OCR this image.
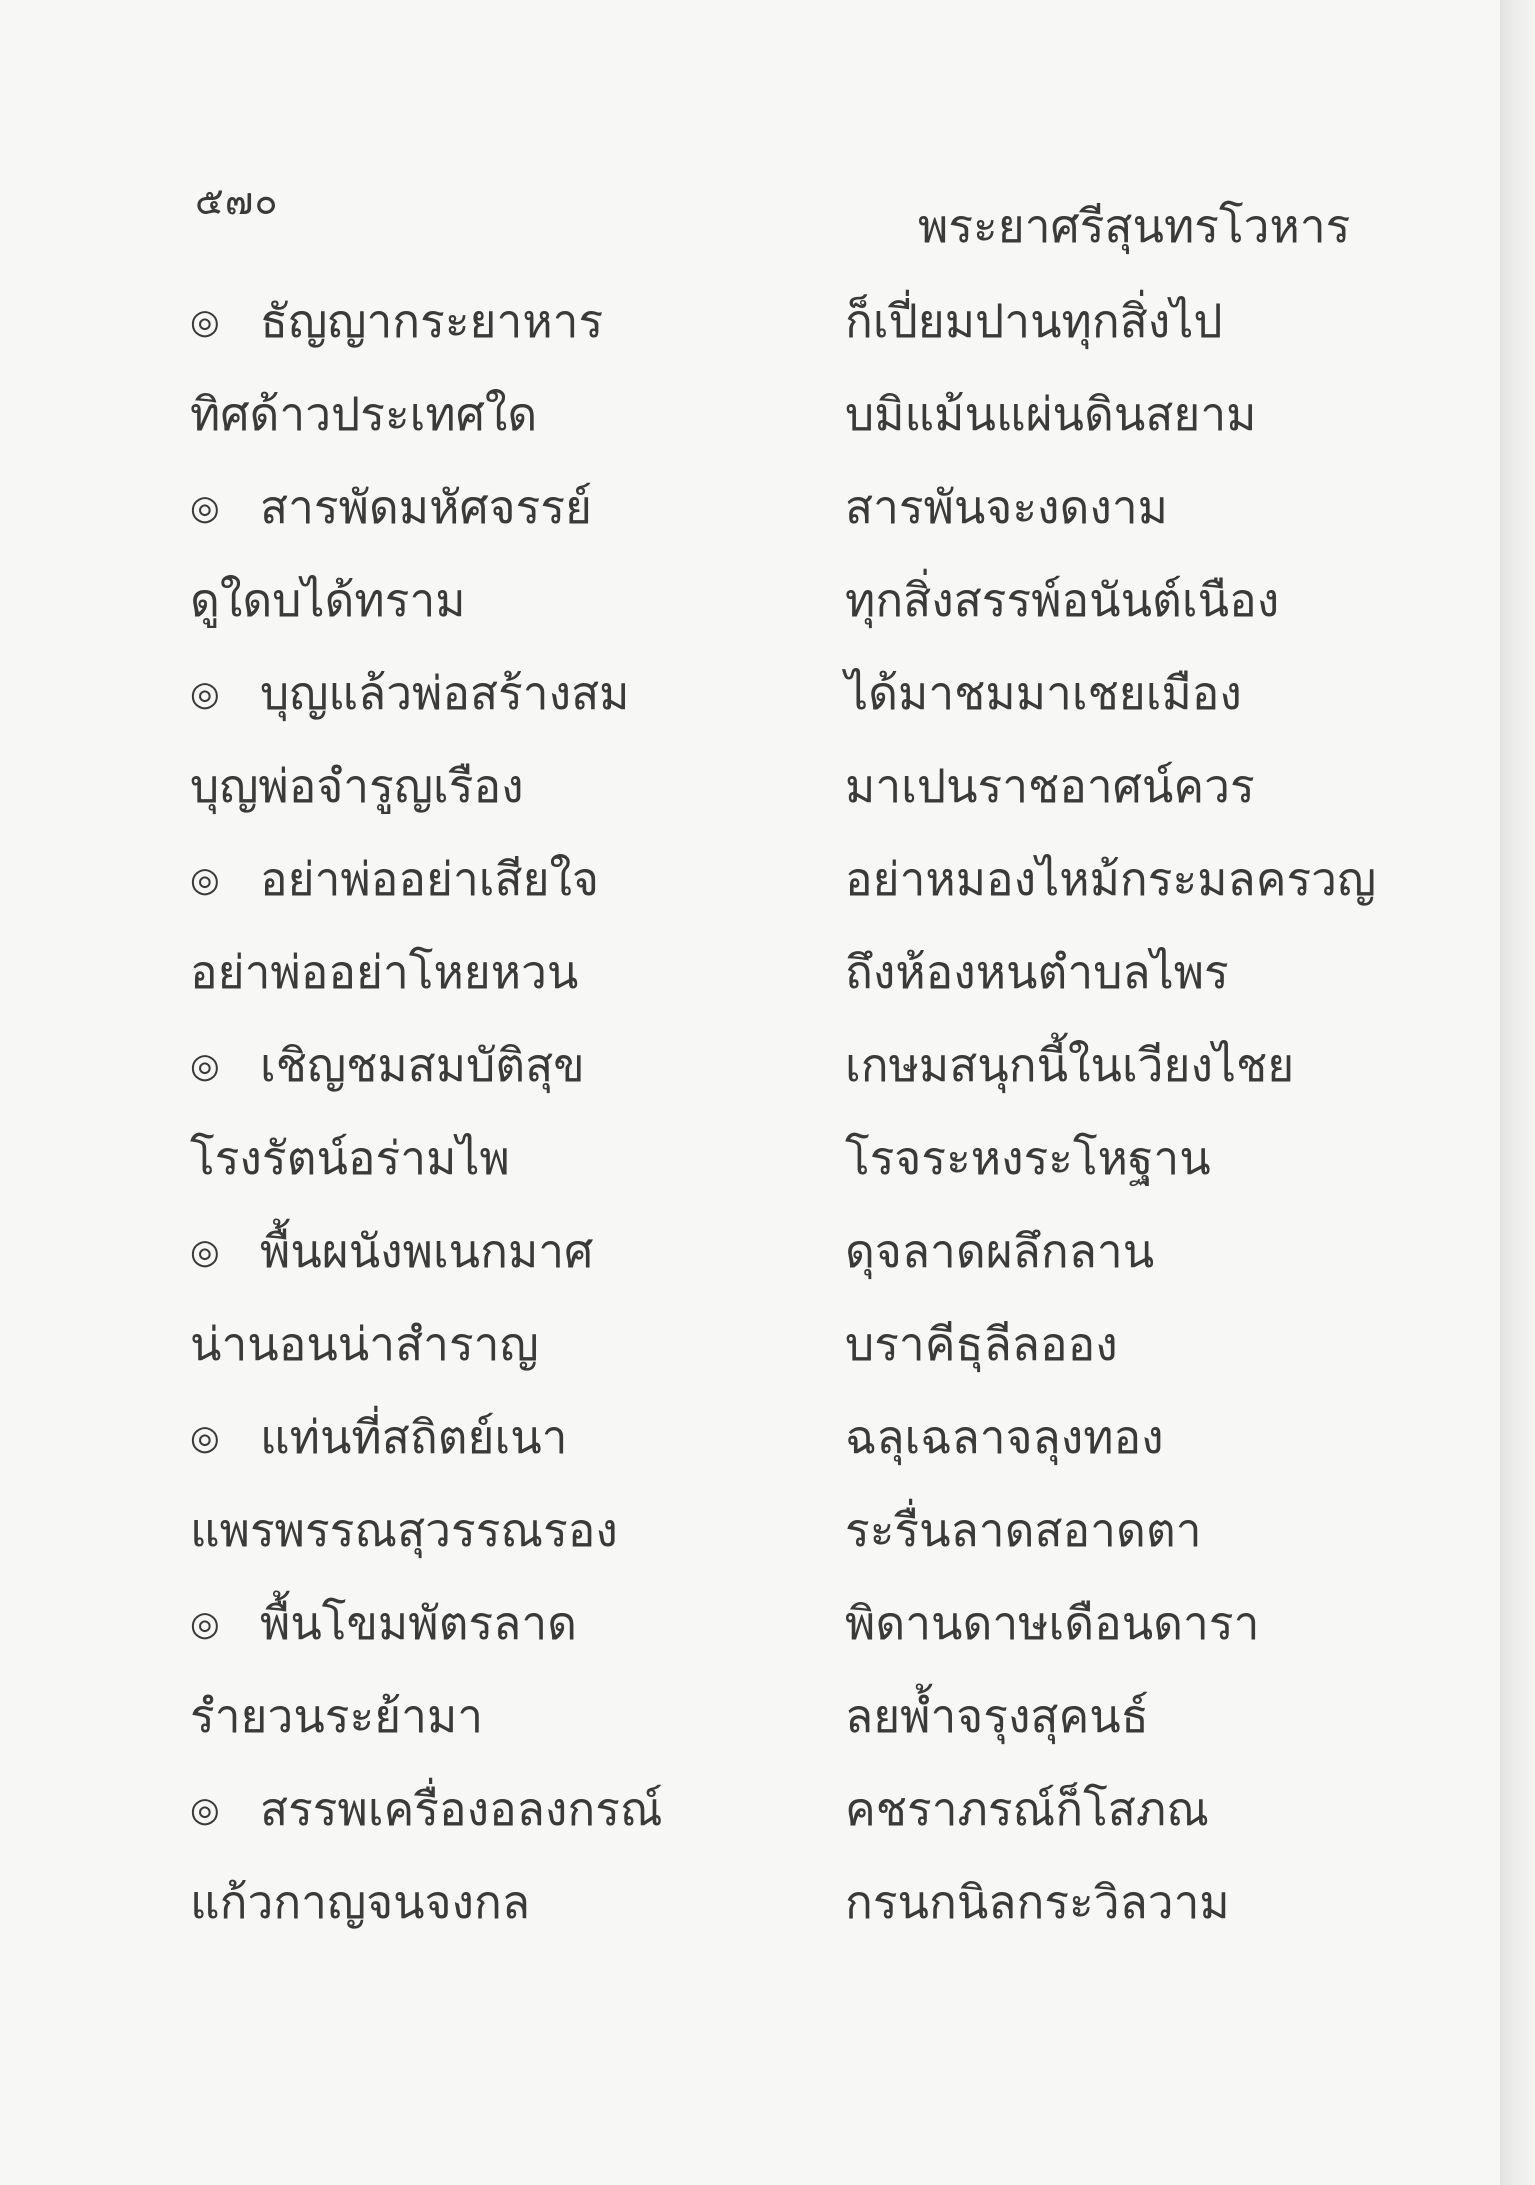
๕๗๐	พระยาศรีสุนทรโวหาร
◎ ธัญญากระยาหาร	ก็เปี่ยมปานทุกสิ่งไป
ทิศด้าวประเทศใด	บมิแม้นแผ่นดินสยาม
◎ สารพัดมหัศจรรย์	สารพันจะงดงาม
ดูใดบได้ทราม	ทุกสิ่งสรรพ์อนันต์เนือง
◎ บุญแล้วพ่อสร้างสม	ได้มาชมมาเชยเมือง
บุญพ่อจำรูญเรือง	มาเปนราชอาศน์ควร
◎ อย่าพ่ออย่าเสียใจ	อย่าหมองไหม้กระมลครวญ
อย่าพ่ออย่าโหยหวน	ถึงห้องหนตำบลไพร
◎ เชิญชมสมบัติสุข	เกษมสนุกนี้ในเวียงไชย
โรงรัตน์อร่ามไพ	โรจระหงระโหฐาน
◎ พื้นผนังพเนกมาศ	ดุจลาดผลึกลาน
น่านอนน่าสำราญ	บราคีธุลีลออง
◎ แท่นที่สถิตย์เนา	ฉลุเฉลาจลุงทอง
แพรพรรณสุวรรณรอง	ระรื่นลาดสอาดตา
◎ พื้นโขมพัตรลาด	พิดานดาษเดือนดารา
รำยวนระย้ามา	ลยพ้ำจรุงสุคนธ์
◎ สรรพเครื่องอลงกรณ์	คชราภรณ์ก็โสภณ
แก้วกาญจนจงกล	กรนกนิลกระวิลวาม
